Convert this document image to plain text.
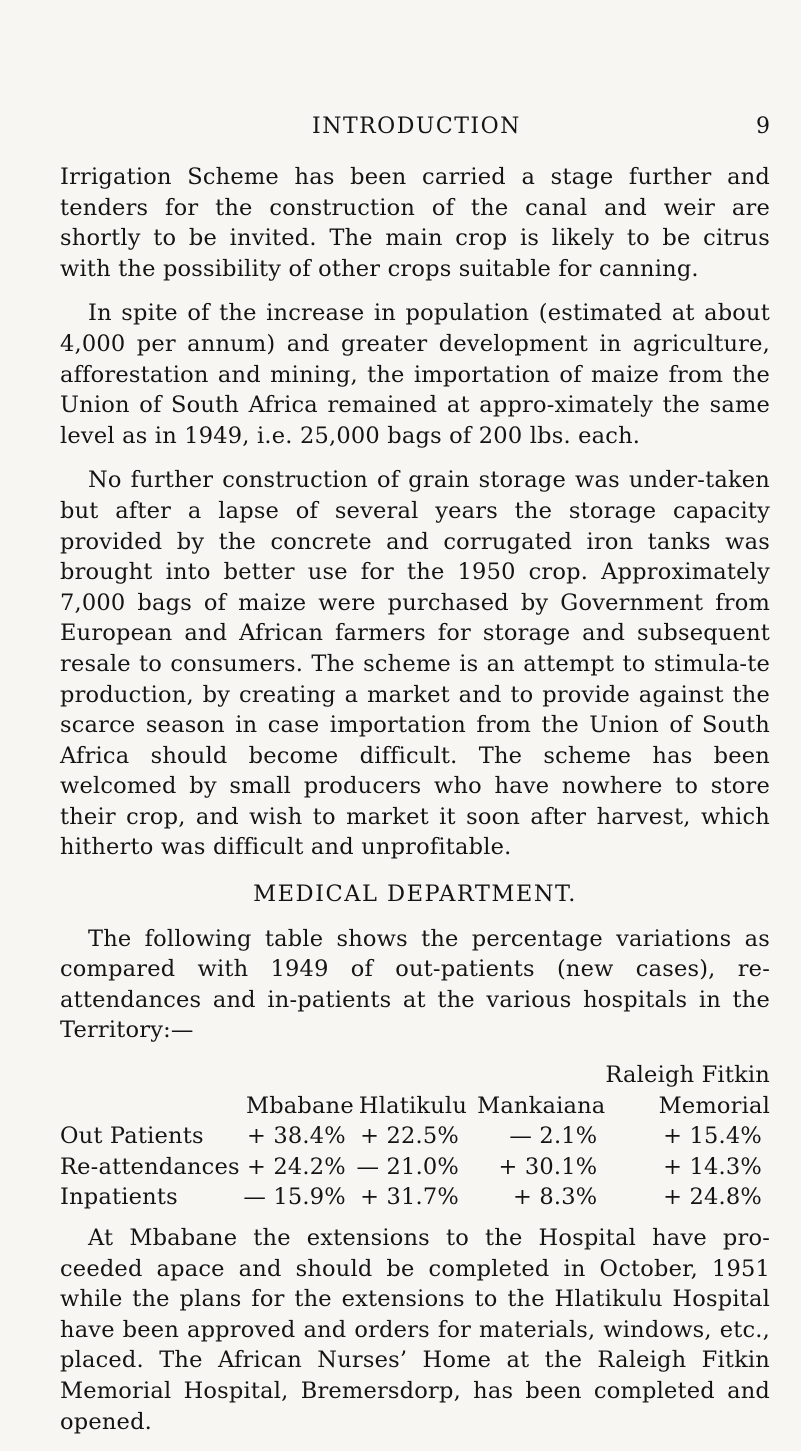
INTRODUCTION	9

Irrigation Scheme has been carried a stage further and tenders for the construction of the canal and weir are shortly to be invited. The main crop is likely to be citrus with the possibility of other crops suitable for canning.

In spite of the increase in population (estimated at about 4,000 per annum) and greater development in agriculture, afforestation and mining, the importation of maize from the Union of South Africa remained at appro-ximately the same level as in 1949, i.e. 25,000 bags of 200 lbs. each.

No further construction of grain storage was under-taken but after a lapse of several years the storage capacity provided by the concrete and corrugated iron tanks was brought into better use for the 1950 crop. Approximately 7,000 bags of maize were purchased by Government from European and African farmers for storage and subsequent resale to consumers. The scheme is an attempt to stimula-te production, by creating a market and to provide against the scarce season in case importation from the Union of South Africa should become difficult. The scheme has been welcomed by small producers who have nowhere to store their crop, and wish to market it soon after harvest, which hitherto was difficult and unprofitable.

MEDICAL DEPARTMENT.

The following table shows the percentage variations as compared with 1949 of out-patients (new cases), re-attendances and in-patients at the various hospitals in the Territory:—

				Raleigh Fitkin
	Mbabane	Hlatikulu	Mankaiana	Memorial
Out Patients	+ 38.4%	+ 22.5%	— 2.1%	+ 15.4%
Re-attendances	+ 24.2%	— 21.0%	+ 30.1%	+ 14.3%
Inpatients	— 15.9%	+ 31.7%	+ 8.3%	+ 24.8%

At Mbabane the extensions to the Hospital have pro-ceeded apace and should be completed in October, 1951 while the plans for the extensions to the Hlatikulu Hospital have been approved and orders for materials, windows, etc., placed. The African Nurses’ Home at the Raleigh Fitkin Memorial Hospital, Bremersdorp, has been completed and opened.
